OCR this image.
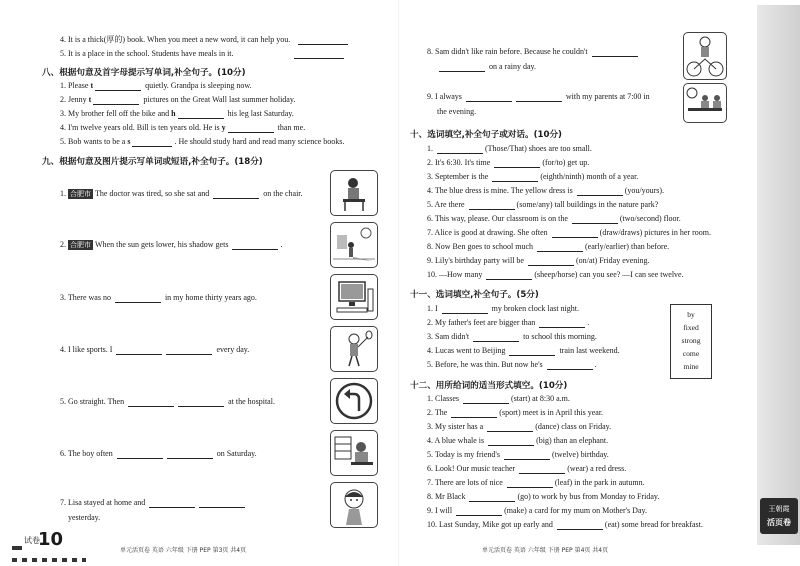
4. It is a thick(厚的) book. When you meet a new word, it can help you.
5. It is a place in the school. Students have meals in it.
八、根据句意及首字母提示写单词,补全句子。(10分)
1. Please t	quietly. Grandpa is sleeping now.
2. Jenny t	pictures on the Great Wall last summer holiday.
3. My brother fell off the bike and h	his leg last Saturday.
4. I'm twelve years old. Bill is ten years old. He is y	than me.
5. Bob wants to be a s	. He should study hard and read many science books.
九、根据句意及图片提示写单词或短语,补全句子。(18分)
1. 合肥市 The doctor was tired, so she sat and	on the chair.
2. 合肥市 When the sun gets lower, his shadow gets	.
3. There was no	in my home thirty years ago.
4. I like sports. I	every day.
5. Go straight. Then	at the hospital.
6. The boy often	on Saturday.
7. Lisa stayed at home and
yesterday.
试卷
10
单元活页卷 英语 六年级 下册 PEP 第3页 共4页
8. Sam didn't like rain before. Because he couldn't
on a rainy day.
9. I always	with my parents at 7:00 in
the evening.
十、选词填空,补全句子或对话。(10分)
1.	(Those/That) shoes are too small.
2. It's 6:30. It's time	(for/to) get up.
3. September is the	(eighth/ninth) month of a year.
4. The blue dress is mine. The yellow dress is	(you/yours).
5. Are there	(some/any) tall buildings in the nature park?
6. This way, please. Our classroom is on the	(two/second) floor.
7. Alice is good at drawing. She often	(draw/draws) pictures in her room.
8. Now Ben goes to school much	(early/earlier) than before.
9. Lily's birthday party will be	(on/at) Friday evening.
10. —How many	(sheep/horse) can you see? —I can see twelve.
十一、选词填空,补全句子。(5分)
1. I	my broken clock last night.
2. My father's feet are bigger than	.
3. Sam didn't	to school this morning.
4. Lucas went to Beijing	train last weekend.
5. Before, he was thin. But now he's	.
by
fixed
strong
come
mine
十二、用所给词的适当形式填空。(10分)
1. Classes	(start) at 8:30 a.m.
2. The	(sport) meet is in April this year.
3. My sister has a	(dance) class on Friday.
4. A blue whale is	(big) than an elephant.
5. Today is my friend's	(twelve) birthday.
6. Look! Our music teacher	(wear) a red dress.
7. There are lots of nice	(leaf) in the park in autumn.
8. Mr Black	(go) to work by bus from Monday to Friday.
9. I will	(make) a card for my mum on Mother's Day.
10. Last Sunday, Mike got up early and	(eat) some bread for breakfast.
王朝霞
活页卷
单元活页卷 英语 六年级 下册 PEP 第4页 共4页
